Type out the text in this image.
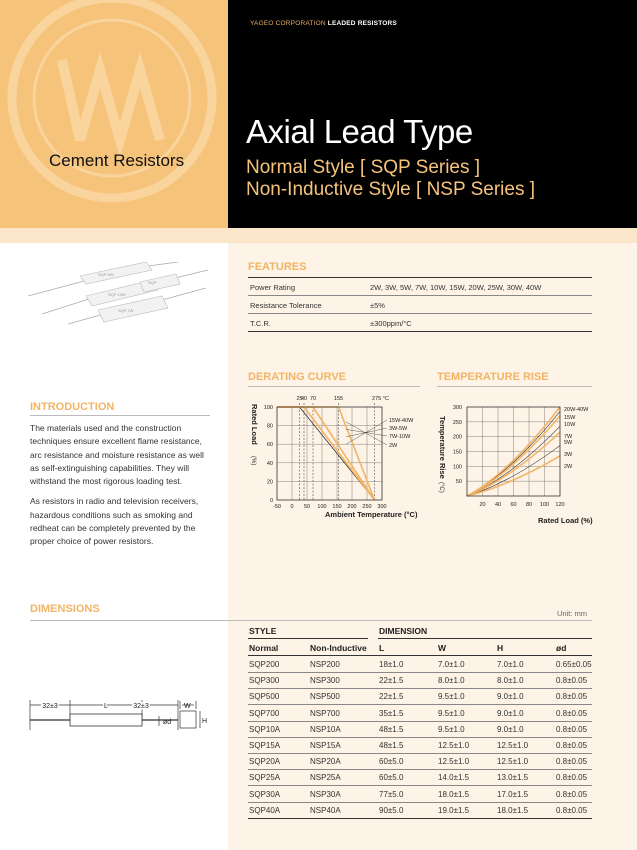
YAGEO CORPORATION LEADED RESISTORS
Axial Lead Type
Normal Style [ SQP Series ]
Non-Inductive Style [ NSP Series ]
Cement Resistors
SQP 5W
SQP 10W
SQP 7W
SQP
FEATURES
Power Rating	2W, 3W, 5W, 7W, 10W, 15W, 20W, 25W, 30W, 40W
Resistance Tolerance	±5%
T.C.R.	±300ppm/°C
INTRODUCTION

The materials used and the construction
techniques ensure excellent flame resistance,
arc resistance and moisture resistance as well
as self-extinguishing capabilities. They will
withstand the most rigorous loading test.

As resistors in radio and television receivers,
hazardous conditions such as smoking and
redheat can be completely prevented by the
proper choice of power resistors.

DERATING CURVE
25
40 70	155	275 °C
100
80
60
40
20
0
-50 0 50 100 150 200 250 300
15W-40W
3W-5W
7W-10W
2W
Ambient Temperature (°C)
Rated Load
(%)
TEMPERATURE RISE
300
250
200
150
100
50
20 40 60 80 100 120
20W-40W
15W
10W
7W
5W
3W
2W
Rated Load (%)
Temperature Rise
(°C)
DIMENSIONS	Unit: mm
32±3	L	32±3	W
H
ød
STYLE	DIMENSION
Normal	Non-Inductive L	W	H	ød
SQP200	NSP200	18±1.0	7.0±1.0	7.0±1.0	0.65±0.05
SQP300	NSP300	22±1.5	8.0±1.0	8.0±1.0	0.8±0.05
SQP500	NSP500	22±1.5	9.5±1.0	9.0±1.0	0.8±0.05
SQP700	NSP700	35±1.5	9.5±1.0	9.0±1.0	0.8±0.05
SQP10A	NSP10A	48±1.5	9.5±1.0	9.0±1.0	0.8±0.05
SQP15A	NSP15A	48±1.5	12.5±1.0	12.5±1.0	0.8±0.05
SQP20A	NSP20A	60±5.0	12.5±1.0	12.5±1.0	0.8±0.05
SQP25A	NSP25A	60±5.0	14.0±1.5	13.0±1.5	0.8±0.05
SQP30A	NSP30A	77±5.0	18.0±1.5	17.0±1.5	0.8±0.05
SQP40A	NSP40A	90±5.0	19.0±1.5	18.0±1.5	0.8±0.05
